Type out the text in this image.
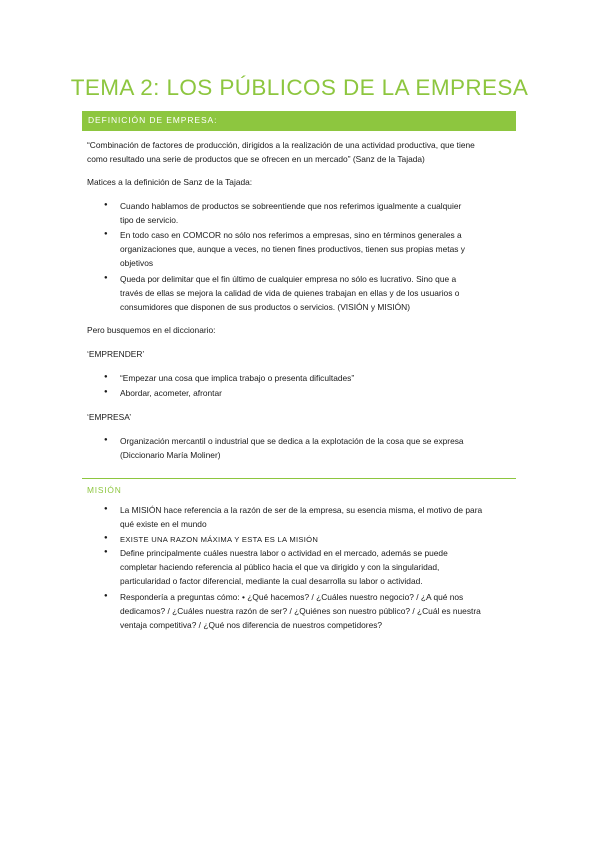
TEMA 2: LOS PÚBLICOS DE LA EMPRESA
DEFINICIÓN DE EMPRESA:

“Combinación de factores de producción, dirigidos a la realización de una actividad productiva, que tiene

como resultado una serie de productos que se ofrecen en un mercado” (Sanz de la Tajada)

Matices a la definición de Sanz de la Tajada:

●

Cuando hablamos de productos se sobreentiende que nos referimos igualmente a cualquier

tipo de servicio.

●

En todo caso en COMCOR no sólo nos referimos a empresas, sino en términos generales a

organizaciones que, aunque a veces, no tienen fines productivos, tienen sus propias metas y

objetivos

●

Queda por delimitar que el fin último de cualquier empresa no sólo es lucrativo. Sino que a

través de ellas se mejora la calidad de vida de quienes trabajan en ellas y de los usuarios o

consumidores que disponen de sus productos o servicios. (VISIÓN y MISIÓN)

Pero busquemos en el diccionario:

‘EMPRENDER’

●

“Empezar una cosa que implica trabajo o presenta dificultades”

●

Abordar, acometer, afrontar

‘EMPRESA’

●

Organización mercantil o industrial que se dedica a la explotación de la cosa que se expresa

(Diccionario María Moliner)

MISIÓN

●

La MISIÓN hace referencia a la razón de ser de la empresa, su esencia misma, el motivo de para

qué existe en el mundo

●

EXISTE UNA RAZON MÁXIMA Y ESTA ES LA MISIÓN

●

Define principalmente cuáles nuestra labor o actividad en el mercado, además se puede

completar haciendo referencia al público hacia el que va dirigido y con la singularidad,

particularidad o factor diferencial, mediante la cual desarrolla su labor o actividad.

●

Respondería a preguntas cómo: • ¿Qué hacemos? / ¿Cuáles nuestro negocio? / ¿A qué nos

dedicamos? / ¿Cuáles nuestra razón de ser? / ¿Quiénes son nuestro público? / ¿Cuál es nuestra

ventaja competitiva? / ¿Qué nos diferencia de nuestros competidores?
